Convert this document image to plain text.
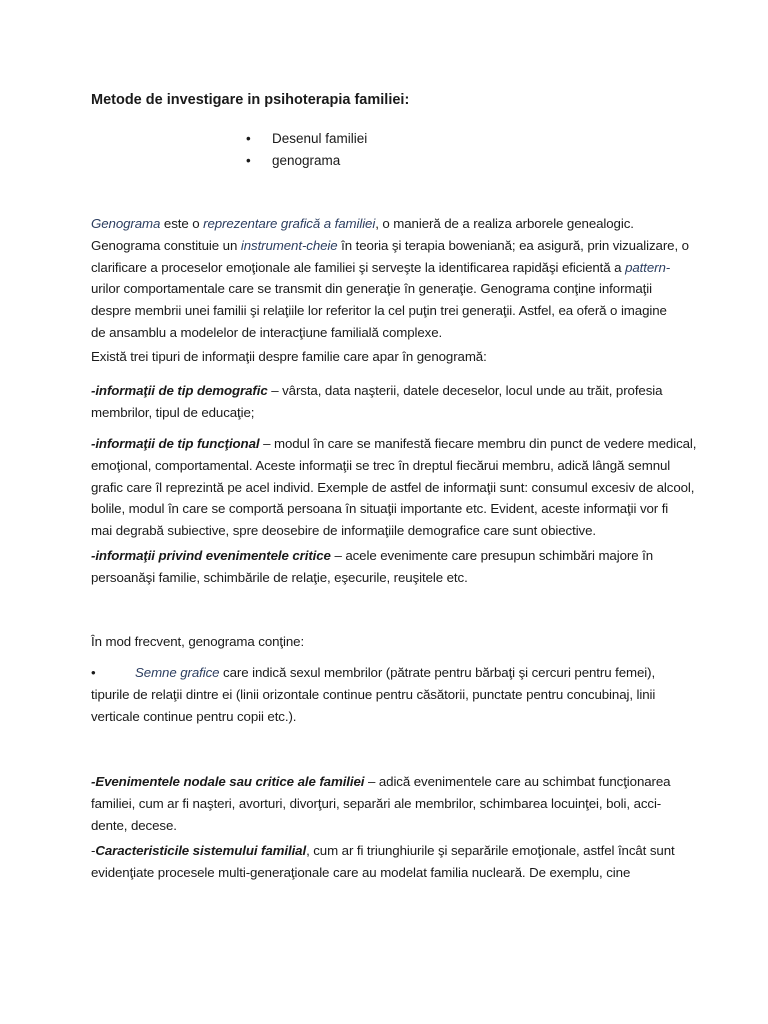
Metode de investigare in psihoterapia familiei:
• Desenul familiei
• genograma

Genograma este o reprezentare grafică a familiei, o manieră de a realiza arborele genealogic.
Genograma constituie un instrument-cheie în teoria şi terapia boweniană; ea asigură, prin vizualizare, o
clarificare a proceselor emoţionale ale familiei şi serveşte la identificarea rapidăşi eficientă a pattern-
urilor comportamentale care se transmit din generaţie în generaţie. Genograma conţine informaţii
despre membrii unei familii şi relaţiile lor referitor la cel puţin trei generaţii. Astfel, ea oferă o imagine
de ansamblu a modelelor de interacţiune familială complexe.

Există trei tipuri de informaţii despre familie care apar în genogramă:

-informaţii de tip demografic – vârsta, data naşterii, datele deceselor, locul unde au trăit, profesia
membrilor, tipul de educaţie;

-informaţii de tip funcţional – modul în care se manifestă fiecare membru din punct de vedere medical,
emoţional, comportamental. Aceste informaţii se trec în dreptul fiecărui membru, adică lângă semnul
grafic care îl reprezintă pe acel individ. Exemple de astfel de informaţii sunt: consumul excesiv de alcool,
bolile, modul în care se comportă persoana în situaţii importante etc. Evident, aceste informaţii vor fi
mai degrabă subiective, spre deosebire de informaţiile demografice care sunt obiective.

-informaţii privind evenimentele critice – acele evenimente care presupun schimbări majore în
persoanăşi familie, schimbările de relaţie, eşecurile, reuşitele etc.

În mod frecvent, genograma conţine:

•	Semne grafice care indică sexul membrilor (pătrate pentru bărbaţi şi cercuri pentru femei),
tipurile de relaţii dintre ei (linii orizontale continue pentru căsătorii, punctate pentru concubinaj, linii
verticale continue pentru copii etc.).

-Evenimentele nodale sau critice ale familiei – adică evenimentele care au schimbat funcţionarea
familiei, cum ar fi naşteri, avorturi, divorţuri, separări ale membrilor, schimbarea locuinţei, boli, acci-
dente, decese.

-Caracteristicile sistemului familial, cum ar fi triunghiurile şi separările emoţionale, astfel încât sunt
evidenţiate procesele multi-generaţionale care au modelat familia nucleară. De exemplu, cine
